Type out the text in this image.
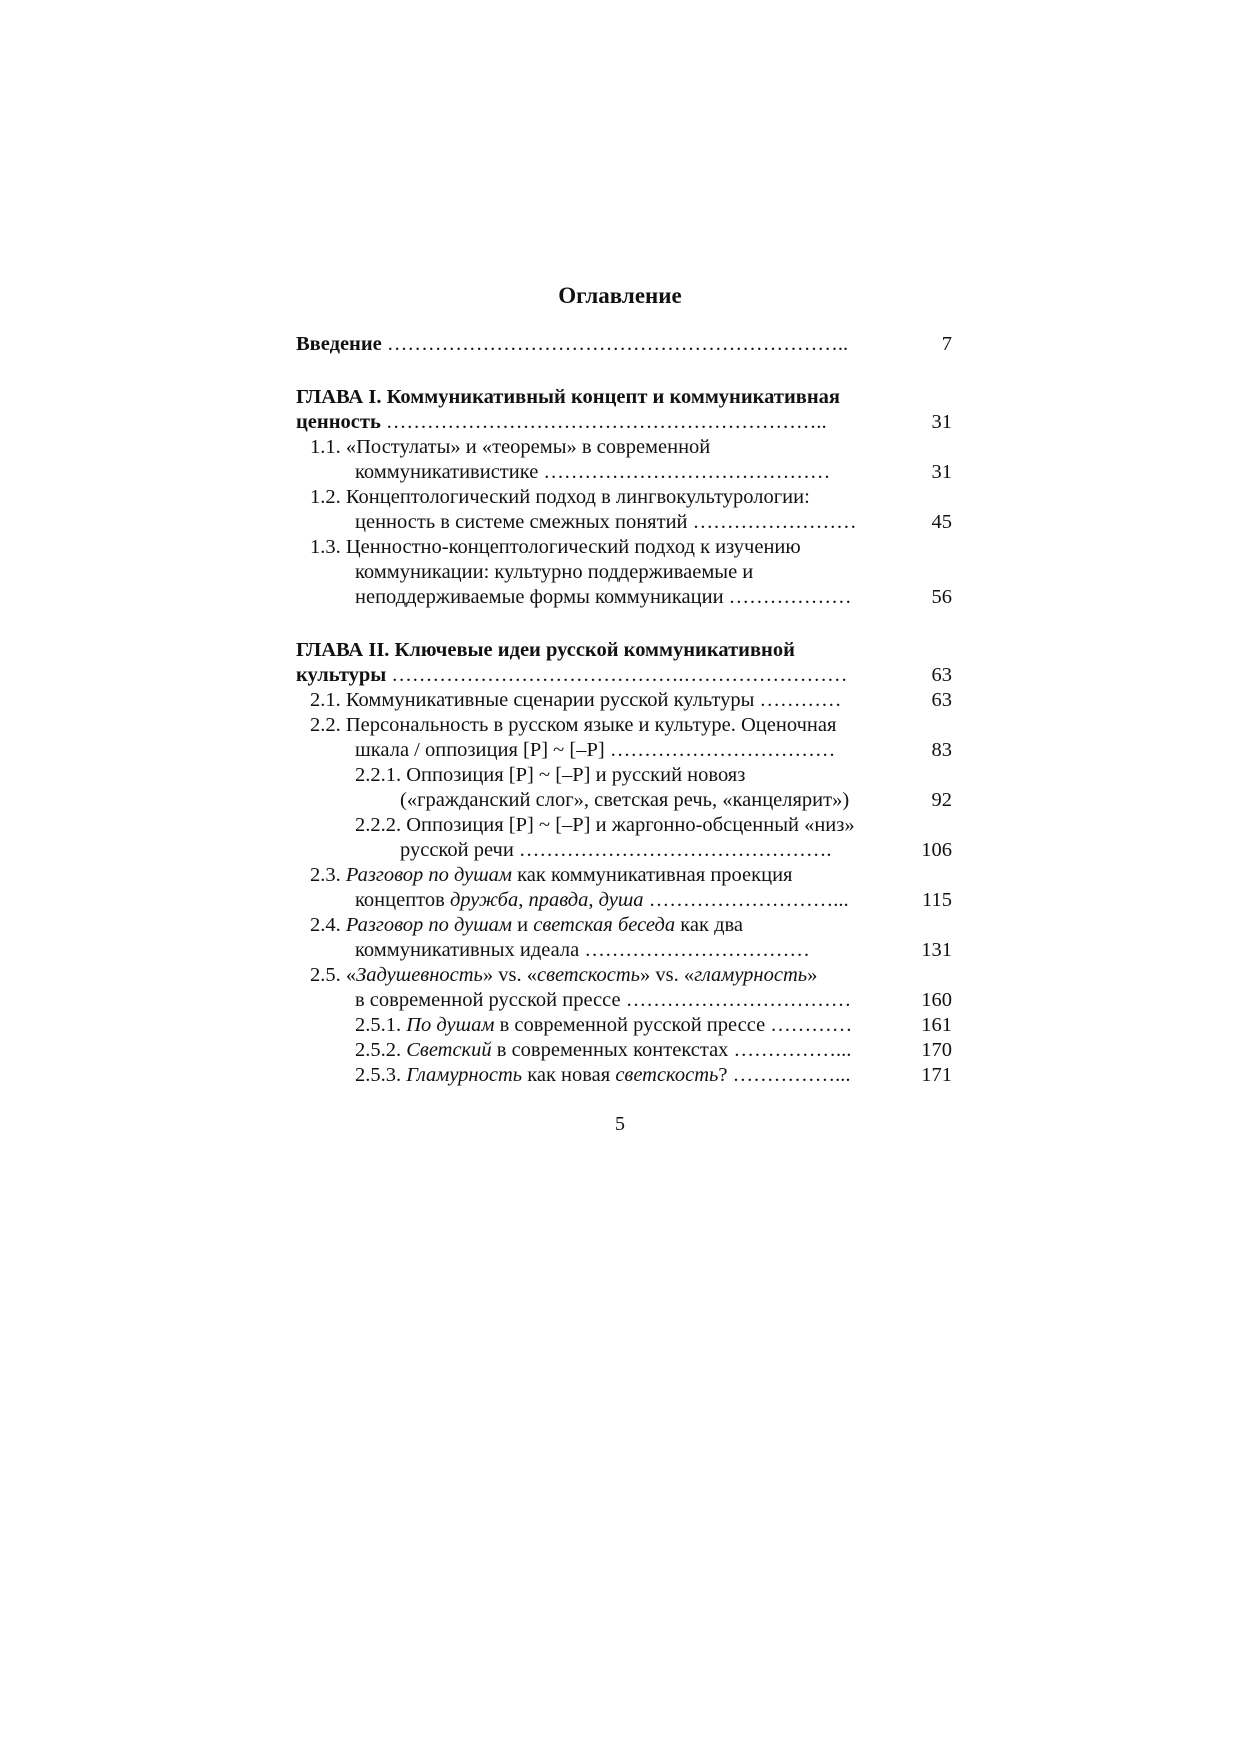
Оглавление
Введение …………………………………………………………..	7
ГЛАВА I. Коммуникативный концепт и коммуникативная
ценность ………………………………………………………..	31
1.1. «Постулаты» и «теоремы» в современной
коммуникативистике ……………………………………	31
1.2. Концептологический подход в лингвокультурологии:
ценность в системе смежных понятий ……………………	45
1.3. Ценностно-концептологический подход к изучению
коммуникации: культурно поддерживаемые и
неподдерживаемые формы коммуникации ………………	56
ГЛАВА II. Ключевые идеи русской коммуникативной
культуры …………………………………….……………………	63
2.1. Коммуникативные сценарии русской культуры …………	63
2.2. Персональность в русском языке и культуре. Оценочная
шкала / оппозиция [Р] ~ [–Р] ……………………………	83
2.2.1. Оппозиция [Р] ~ [–Р] и русский новояз
(«гражданский слог», светская речь, «канцелярит»)	92
2.2.2. Оппозиция [Р] ~ [–Р] и жаргонно-обсценный «низ»
русской речи ……………………………………….	106
2.3. Разговор по душам как коммуникативная проекция
концептов дружба, правда, душа ………………………...	115
2.4. Разговор по душам и светская беседа как два
коммуникативных идеала ……………………………	131
2.5. «Задушевность» vs. «светскость» vs. «гламурность»
в современной русской прессе ……………………………	160
2.5.1. По душам в современной русской прессе …………	161
2.5.2. Светский в современных контекстах ……………...	170
2.5.3. Гламурность как новая светскость? ……………...	171
5
